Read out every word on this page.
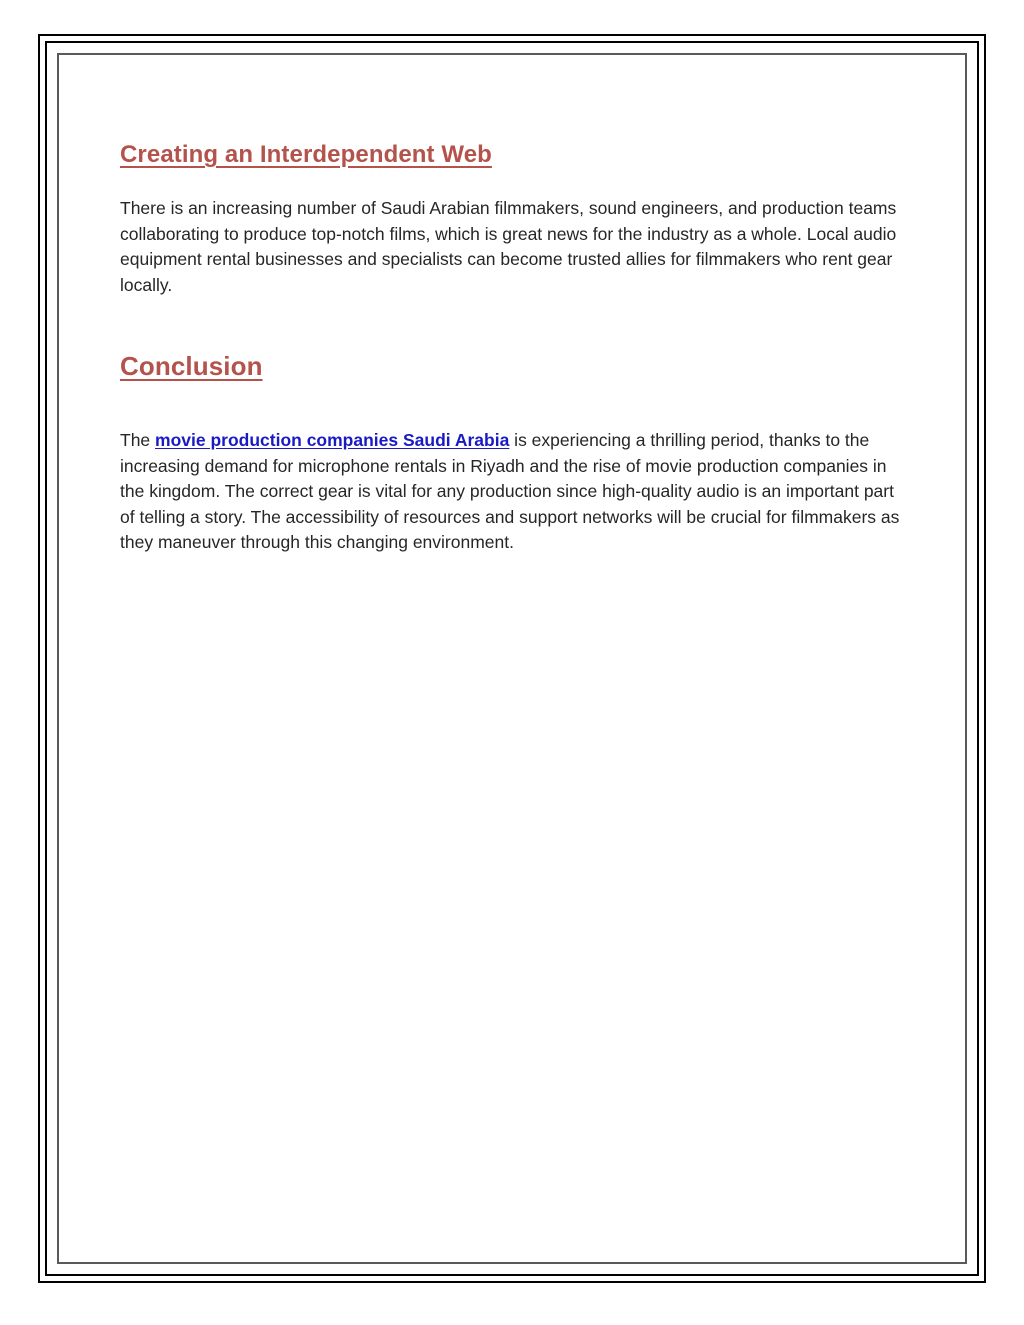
Creating an Interdependent Web

There is an increasing number of Saudi Arabian filmmakers, sound engineers, and production teams collaborating to produce top-notch films, which is great news for the industry as a whole. Local audio equipment rental businesses and specialists can become trusted allies for filmmakers who rent gear locally.

Conclusion

The movie production companies Saudi Arabia is experiencing a thrilling period, thanks to the increasing demand for microphone rentals in Riyadh and the rise of movie production companies in the kingdom. The correct gear is vital for any production since high-quality audio is an important part of telling a story. The accessibility of resources and support networks will be crucial for filmmakers as they maneuver through this changing environment.
